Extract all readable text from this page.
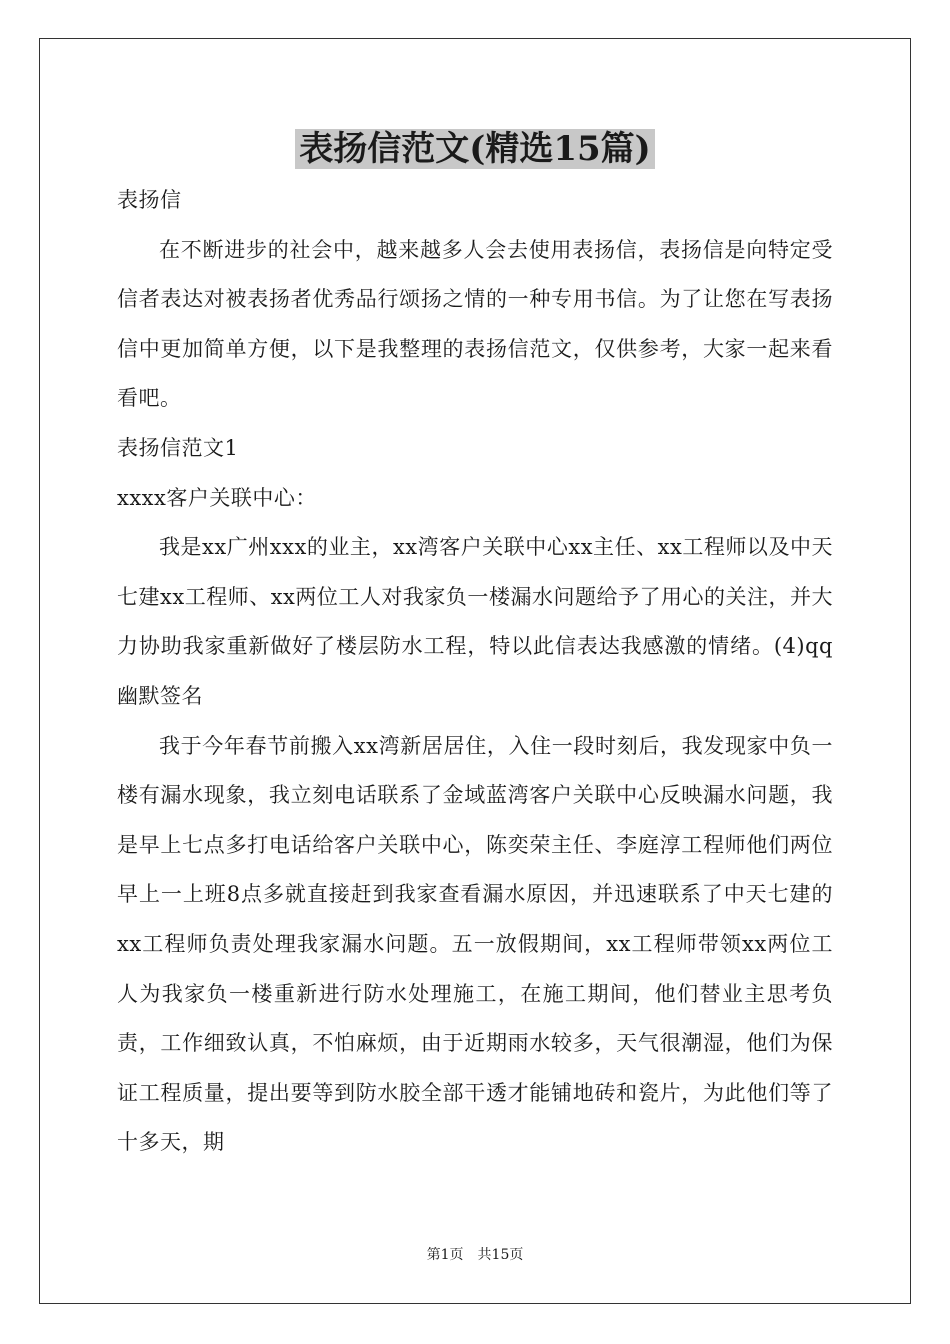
表扬信范文(精选15篇)
表扬信

在不断进步的社会中，越来越多人会去使用表扬信，表扬信是向特定受信者表达对被表扬者优秀品行颂扬之情的一种专用书信。为了让您在写表扬信中更加简单方便，以下是我整理的表扬信范文，仅供参考，大家一起来看看吧。

表扬信范文1
xxxx客户关联中心：

我是xx广州xxx的业主，xx湾客户关联中心xx主任、xx工程师以及中天七建xx工程师、xx两位工人对我家负一楼漏水问题给予了用心的关注，并大力协助我家重新做好了楼层防水工程，特以此信表达我感激的情绪。(4)qq幽默签名

我于今年春节前搬入xx湾新居居住，入住一段时刻后，我发现家中负一楼有漏水现象，我立刻电话联系了金域蓝湾客户关联中心反映漏水问题，我是早上七点多打电话给客户关联中心，陈奕荣主任、李庭淳工程师他们两位早上一上班8点多就直接赶到我家查看漏水原因，并迅速联系了中天七建的xx工程师负责处理我家漏水问题。五一放假期间，xx工程师带领xx两位工人为我家负一楼重新进行防水处理施工，在施工期间，他们替业主思考负责，工作细致认真，不怕麻烦，由于近期雨水较多，天气很潮湿，他们为保证工程质量，提出要等到防水胶全部干透才能铺地砖和瓷片，为此他们等了十多天，期

第1页　共15页
